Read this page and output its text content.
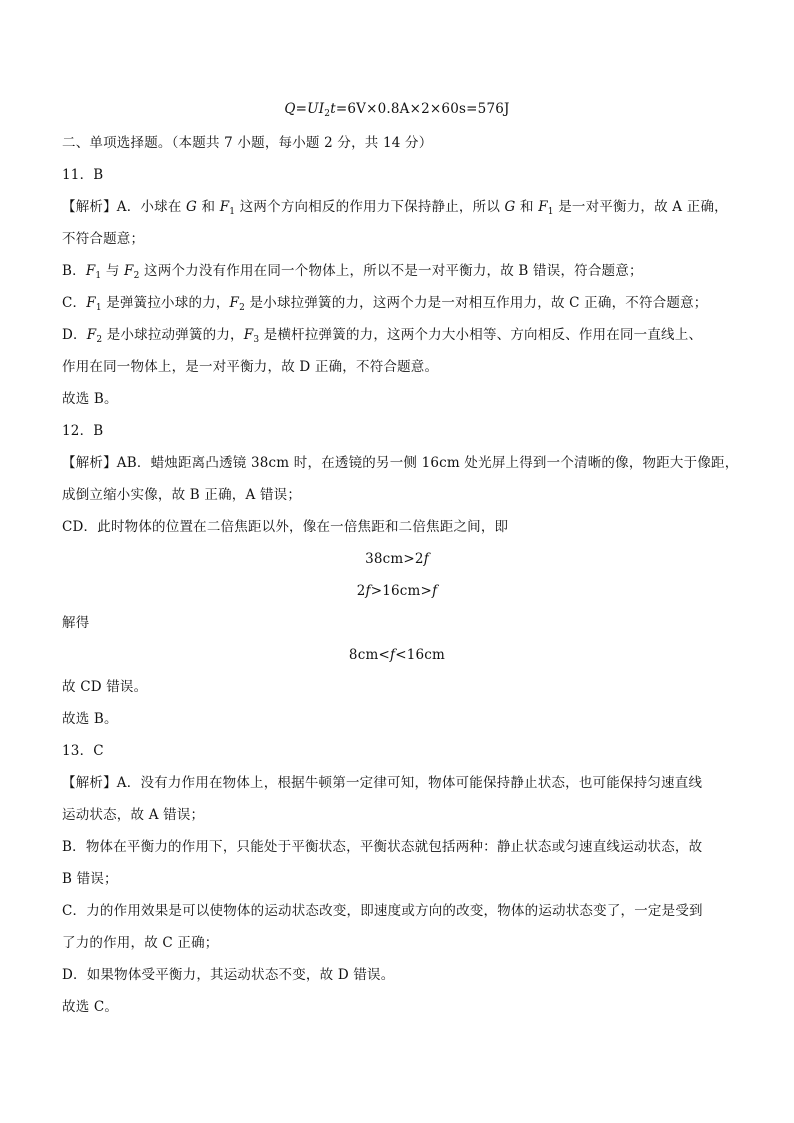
$Q=UI_2t=6V\times 0.8A\times 2\times 60s=576J$
二、单项选择题。（本题共 7 小题，每小题 2 分，共 14 分）
11．B
【解析】A．小球在 G 和 $F_1$ 这两个方向相反的作用力下保持静止，所以 G 和 $F_1$ 是一对平衡力，故 A 正确，
不符合题意；
B．$F_1$ 与 $F_2$ 这两个力没有作用在同一个物体上，所以不是一对平衡力，故 B 错误，符合题意；
C．$F_1$ 是弹簧拉小球的力，$F_2$ 是小球拉弹簧的力，这两个力是一对相互作用力，故 C 正确，不符合题意；
D．$F_2$ 是小球拉动弹簧的力，$F_3$ 是横杆拉弹簧的力，这两个力大小相等、方向相反、作用在同一直线上、
作用在同一物体上，是一对平衡力，故 D 正确，不符合题意。
故选 B。
12．B
【解析】AB．蜡烛距离凸透镜 38cm 时，在透镜的另一侧 16cm 处光屏上得到一个清晰的像，物距大于像距，
成倒立缩小实像，故 B 正确，A 错误；
CD．此时物体的位置在二倍焦距以外，像在一倍焦距和二倍焦距之间，即
38cm>2f
2f>16cm>f
解得
8cm<f<16cm
故 CD 错误。
故选 B。
13．C
【解析】A．没有力作用在物体上，根据牛顿第一定律可知，物体可能保持静止状态，也可能保持匀速直线
运动状态，故 A 错误；
B．物体在平衡力的作用下，只能处于平衡状态，平衡状态就包括两种：静止状态或匀速直线运动状态，故
B 错误；
C．力的作用效果是可以使物体的运动状态改变，即速度或方向的改变，物体的运动状态变了，一定是受到
了力的作用，故 C 正确；
D．如果物体受平衡力，其运动状态不变，故 D 错误。
故选 C。
